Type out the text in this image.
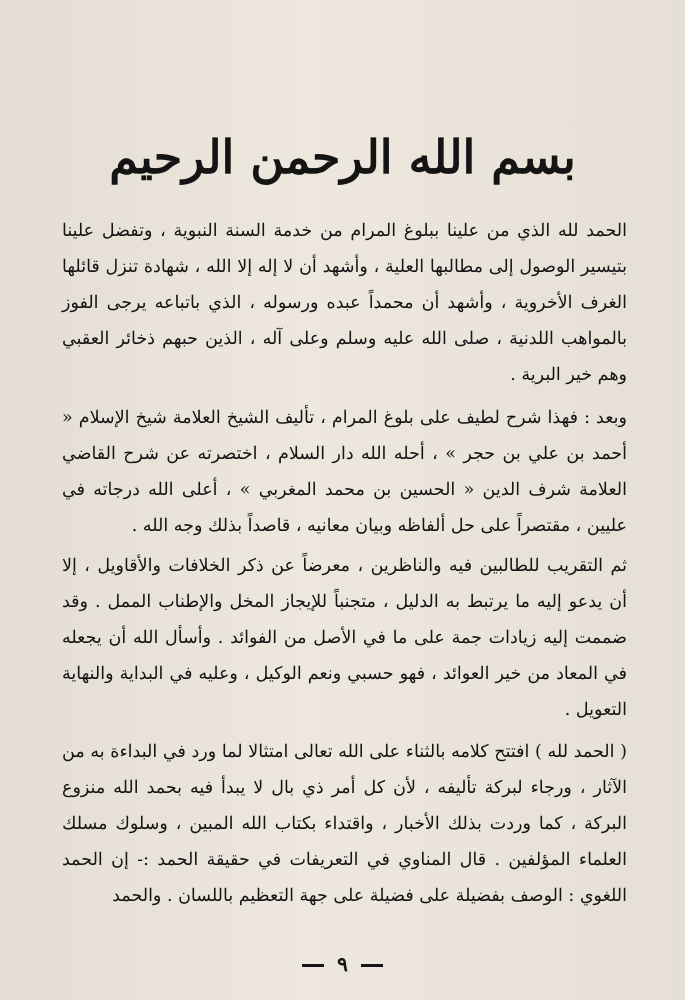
بسم الله الرحمن الرحيم

الحمد لله الذي من علينا ببلوغ المرام من خدمة السنة النبوية ، وتفضل علينا بتيسير الوصول إلى مطالبها العلية ، وأشهد أن لا إله إلا الله ، شهادة تنزل قائلها الغرف الأخروية ، وأشهد أن محمداً عبده ورسوله ، الذي باتباعه يرجى الفوز بالمواهب اللدنية ، صلى الله عليه وسلم وعلى آله ، الذين حبهم ذخائر العقبي وهم خير البرية .

وبعد : فهذا شرح لطيف على بلوغ المرام ، تأليف الشيخ العلامة شيخ الإسلام « أحمد بن علي بن حجر » ، أحله الله دار السلام ، اختصرته عن شرح القاضي العلامة شرف الدين « الحسين بن محمد المغربي » ، أعلى الله درجاته في عليين ، مقتصراً على حل ألفاظه وبيان معانيه ، قاصداً بذلك وجه الله .

ثم التقريب للطالبين فيه والناظرين ، معرضاً عن ذكر الخلافات والأقاويل ، إلا أن يدعو إليه ما يرتبط به الدليل ، متجنباً للإيجاز المخل والإطناب الممل . وقد ضممت إليه زيادات جمة على ما في الأصل من الفوائد . وأسأل الله أن يجعله في المعاد من خير العوائد ، فهو حسبي ونعم الوكيل ، وعليه في البداية والنهاية التعويل .

( الحمد لله ) افتتح كلامه بالثناء على الله تعالى امتثالا لما ورد في البداءة به من الآثار ، ورجاء لبركة تأليفه ، لأن كل أمر ذي بال لا يبدأ فيه بحمد الله منزوع البركة ، كما وردت بذلك الأخبار ، واقتداء بكتاب الله المبين ، وسلوك مسلك العلماء المؤلفين . قال المناوي في التعريفات في حقيقة الحمد :- إن الحمد اللغوي : الوصف بفضيلة على فضيلة على جهة التعظيم باللسان . والحمد

٩
